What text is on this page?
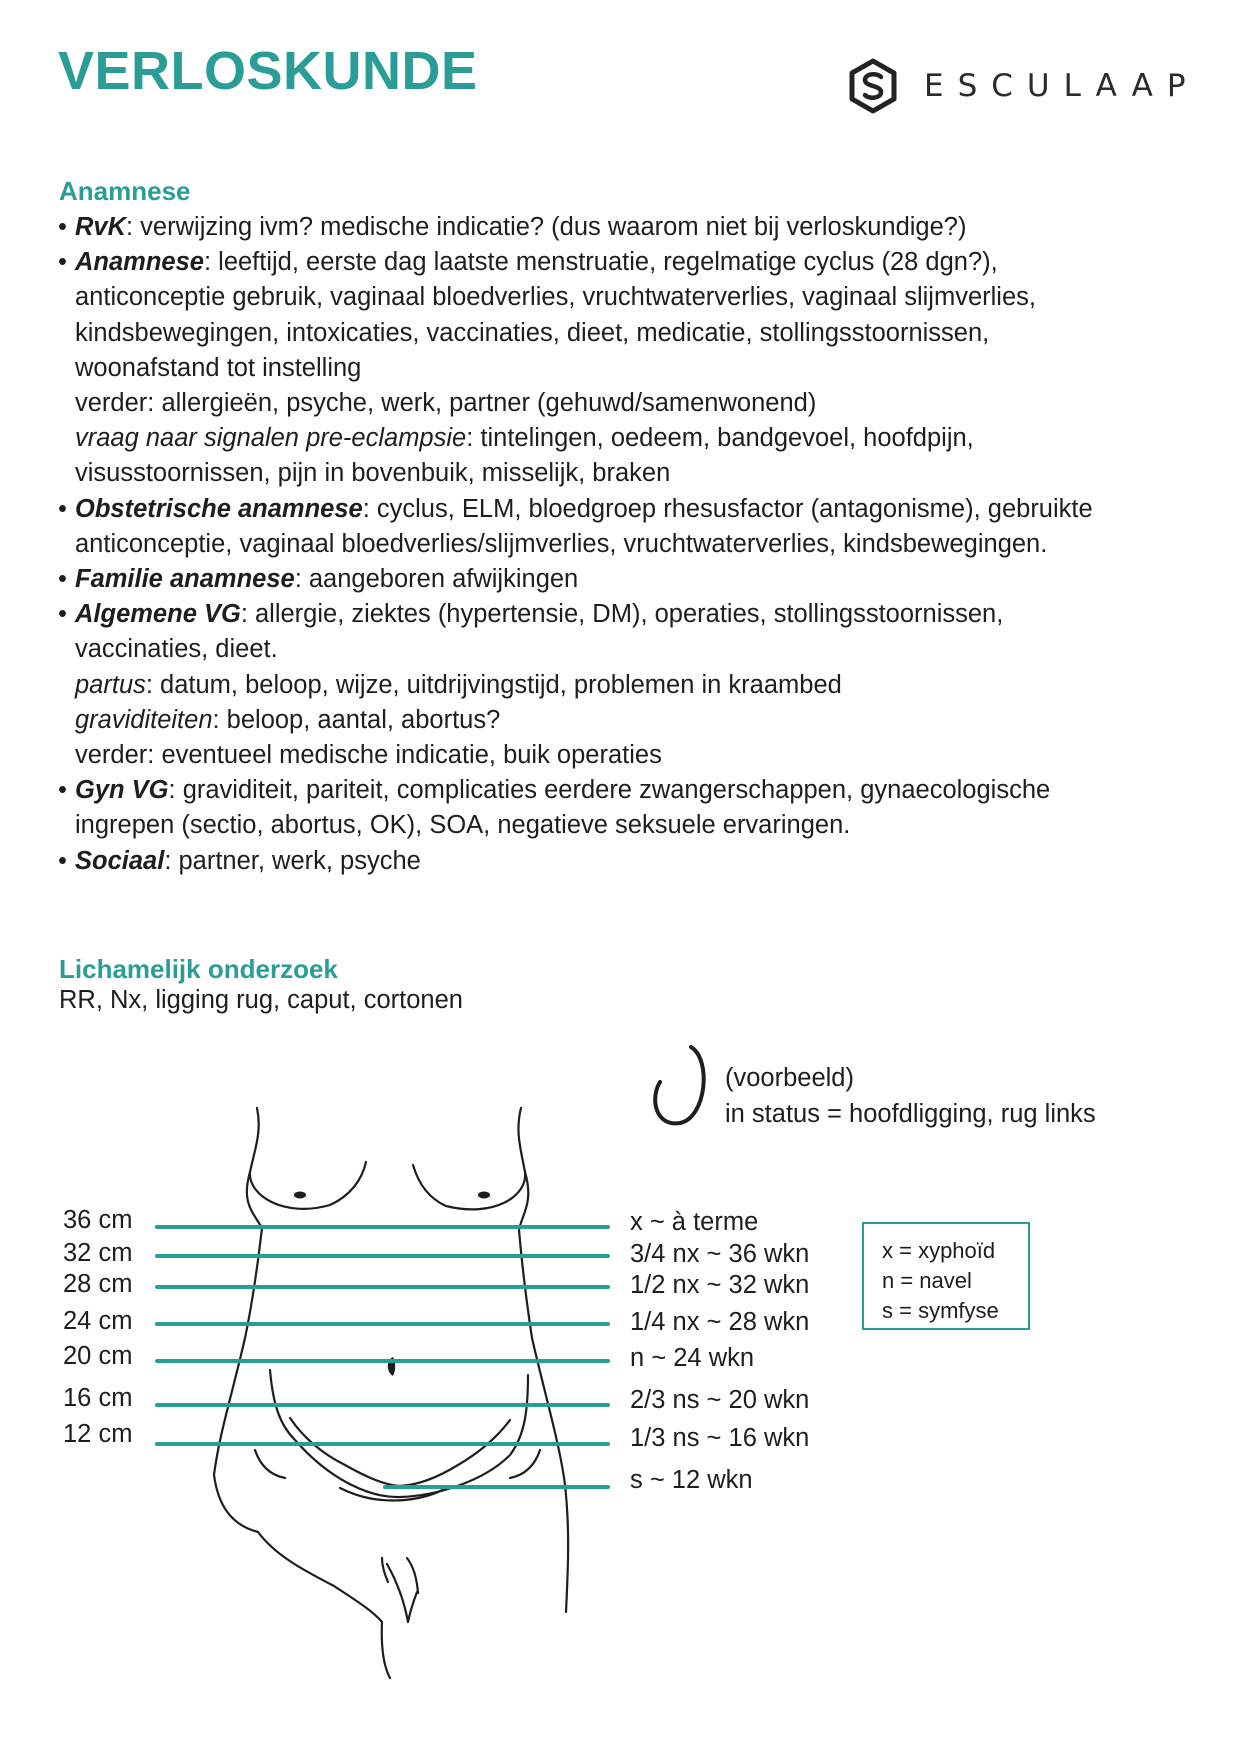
VERLOSKUNDE	ESCULAAP
Anamnese
• RvK: verwijzing ivm? medische indicatie? (dus waarom niet bij verloskundige?)
• Anamnese: leeftijd, eerste dag laatste menstruatie, regelmatige cyclus (28 dgn?),
anticonceptie gebruik, vaginaal bloedverlies, vruchtwaterverlies, vaginaal slijmverlies,
kindsbewegingen, intoxicaties, vaccinaties, dieet, medicatie, stollingsstoornissen,
woonafstand tot instelling
verder: allergieën, psyche, werk, partner (gehuwd/samenwonend)
vraag naar signalen pre-eclampsie: tintelingen, oedeem, bandgevoel, hoofdpijn,
visusstoornissen, pijn in bovenbuik, misselijk, braken
• Obstetrische anamnese: cyclus, ELM, bloedgroep rhesusfactor (antagonisme), gebruikte
anticonceptie, vaginaal bloedverlies/slijmverlies, vruchtwaterverlies, kindsbewegingen.
• Familie anamnese: aangeboren afwijkingen
• Algemene VG: allergie, ziektes (hypertensie, DM), operaties, stollingsstoornissen,
vaccinaties, dieet.
partus: datum, beloop, wijze, uitdrijvingstijd, problemen in kraambed
graviditeiten: beloop, aantal, abortus?
verder: eventueel medische indicatie, buik operaties
• Gyn VG: graviditeit, pariteit, complicaties eerdere zwangerschappen, gynaecologische
ingrepen (sectio, abortus, OK), SOA, negatieve seksuele ervaringen.
• Sociaal: partner, werk, psyche
Lichamelijk onderzoek

RR, Nx, ligging rug, caput, cortonen

(voorbeeld)
in status = hoofdligging, rug links
x = xyphoïd
n = navel
s = symfyse
36 cm	x ~ à terme
32 cm	3/4 nx ~ 36 wkn
28 cm	1/2 nx ~ 32 wkn
24 cm	1/4 nx ~ 28 wkn
20 cm	n ~ 24 wkn
16 cm	2/3 ns ~ 20 wkn
12 cm	1/3 ns ~ 16 wkn
s ~ 12 wkn
